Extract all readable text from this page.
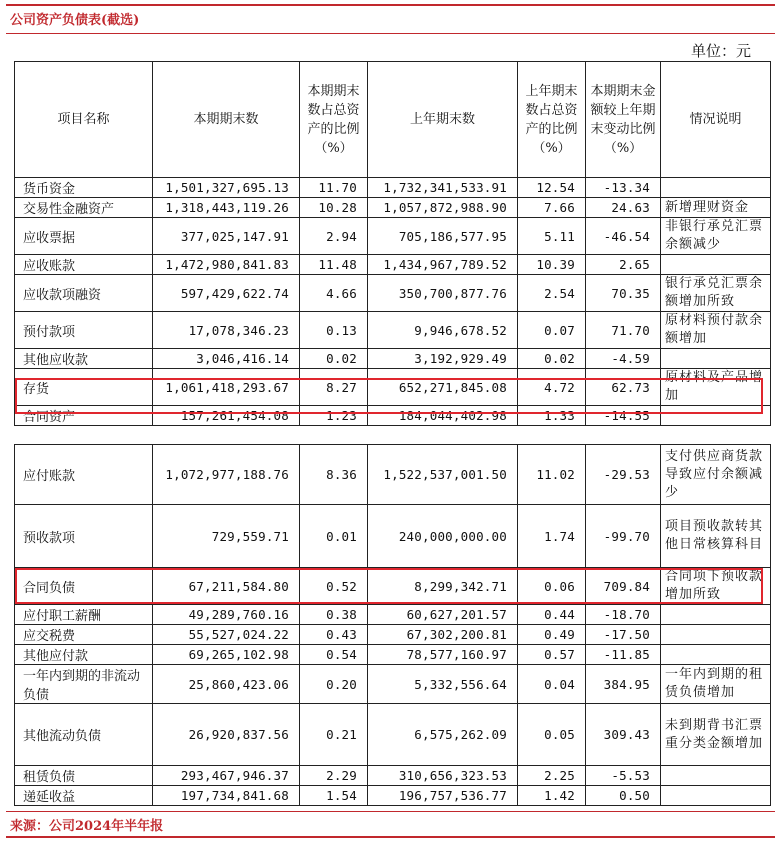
公司资产负债表(截选)
单位：元
项目名称	本期期末数	本期期末数占总资产的比例（%）	上年期末数	上年期末数占总资产的比例（%）	本期期末金额较上年期末变动比例（%）	情况说明
货币资金	1,501,327,695.13	11.70	1,732,341,533.91	12.54	-13.34	
交易性金融资产	1,318,443,119.26	10.28	1,057,872,988.90	7.66	24.63	新增理财资金
应收票据	377,025,147.91	2.94	705,186,577.95	5.11	-46.54	非银行承兑汇票余额减少
应收账款	1,472,980,841.83	11.48	1,434,967,789.52	10.39	2.65	
应收款项融资	597,429,622.74	4.66	350,700,877.76	2.54	70.35	银行承兑汇票余额增加所致
预付款项	17,078,346.23	0.13	9,946,678.52	0.07	71.70	原材料预付款余额增加
其他应收款	3,046,416.14	0.02	3,192,929.49	0.02	-4.59	
存货	1,061,418,293.67	8.27	652,271,845.08	4.72	62.73	原材料及产品增加
合同资产	157,261,454.08	1.23	184,044,402.98	1.33	-14.55	
应付账款	1,072,977,188.76	8.36	1,522,537,001.50	11.02	-29.53	支付供应商货款导致应付余额减少
预收款项	729,559.71	0.01	240,000,000.00	1.74	-99.70	项目预收款转其他日常核算科目
合同负债	67,211,584.80	0.52	8,299,342.71	0.06	709.84	合同项下预收款增加所致
应付职工薪酬	49,289,760.16	0.38	60,627,201.57	0.44	-18.70	
应交税费	55,527,024.22	0.43	67,302,200.81	0.49	-17.50	
其他应付款	69,265,102.98	0.54	78,577,160.97	0.57	-11.85	
一年内到期的非流动负债	25,860,423.06	0.20	5,332,556.64	0.04	384.95	一年内到期的租赁负债增加
其他流动负债	26,920,837.56	0.21	6,575,262.09	0.05	309.43	未到期背书汇票重分类金额增加
租赁负债	293,467,946.37	2.29	310,656,323.53	2.25	-5.53	
递延收益	197,734,841.68	1.54	196,757,536.77	1.42	0.50	
来源：公司2024年半年报
